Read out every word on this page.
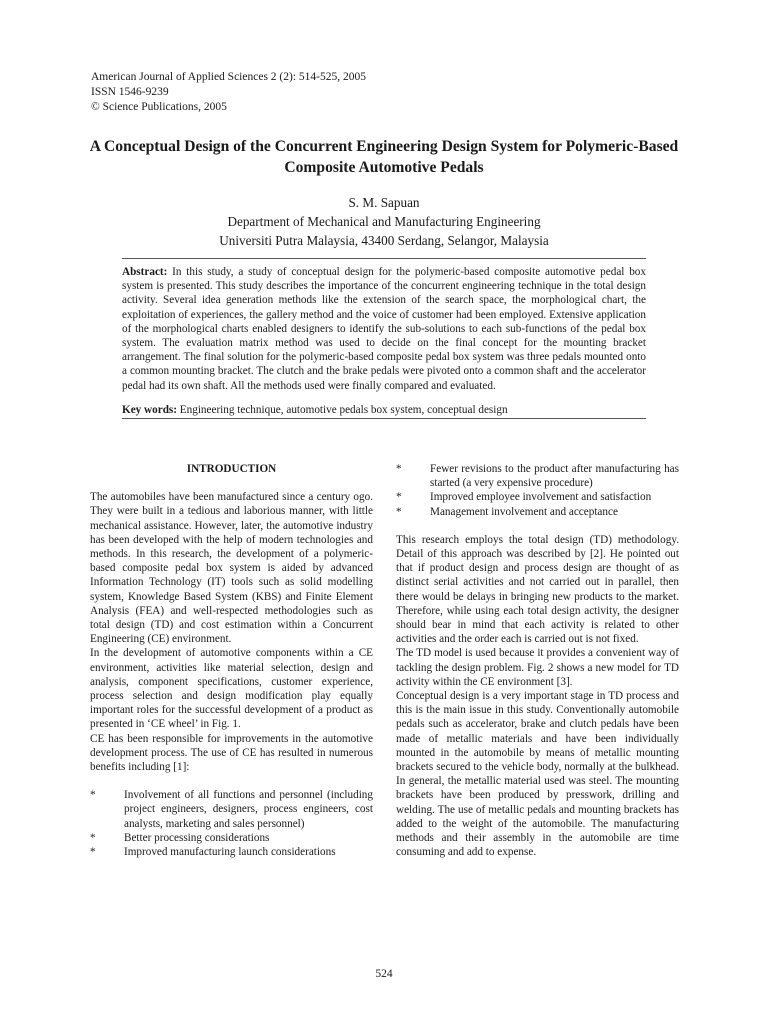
American Journal of Applied Sciences 2 (2): 514-525, 2005
ISSN 1546-9239
© Science Publications, 2005
A Conceptual Design of the Concurrent Engineering Design System for Polymeric-Based Composite Automotive Pedals
S. M. Sapuan
Department of Mechanical and Manufacturing Engineering
Universiti Putra Malaysia, 43400 Serdang, Selangor, Malaysia

Abstract: In this study, a study of conceptual design for the polymeric-based composite automotive pedal box system is presented. This study describes the importance of the concurrent engineering technique in the total design activity. Several idea generation methods like the extension of the search space, the morphological chart, the exploitation of experiences, the gallery method and the voice of customer had been employed. Extensive application of the morphological charts enabled designers to identify the sub-solutions to each sub-functions of the pedal box system. The evaluation matrix method was used to decide on the final concept for the mounting bracket arrangement. The final solution for the polymeric-based composite pedal box system was three pedals mounted onto a common mounting bracket. The clutch and the brake pedals were pivoted onto a common shaft and the accelerator pedal had its own shaft. All the methods used were finally compared and evaluated.

Key words: Engineering technique, automotive pedals box system, conceptual design

INTRODUCTION

The automobiles have been manufactured since a century ogo. They were built in a tedious and laborious manner, with little mechanical assistance. However, later, the automotive industry has been developed with the help of modern technologies and methods. In this research, the development of a polymeric-based composite pedal box system is aided by advanced Information Technology (IT) tools such as solid modelling system, Knowledge Based System (KBS) and Finite Element Analysis (FEA) and well-respected methodologies such as total design (TD) and cost estimation within a Concurrent Engineering (CE) environment.

In the development of automotive components within a CE environment, activities like material selection, design and analysis, component specifications, customer experience, process selection and design modification play equally important roles for the successful development of a product as presented in ‘CE wheel’ in Fig. 1.

CE has been responsible for improvements in the automotive development process. The use of CE has resulted in numerous benefits including [1]:

*	Involvement of all functions and personnel (including project engineers, designers, process engineers, cost analysts, marketing and sales personnel)
*	Better processing considerations
*	Improved manufacturing launch considerations
*	Fewer revisions to the product after manufacturing has started (a very expensive procedure)
*	Improved employee involvement and satisfaction
*	Management involvement and acceptance

This research employs the total design (TD) methodology. Detail of this approach was described by [2]. He pointed out that if product design and process design are thought of as distinct serial activities and not carried out in parallel, then there would be delays in bringing new products to the market. Therefore, while using each total design activity, the designer should bear in mind that each activity is related to other activities and the order each is carried out is not fixed.

The TD model is used because it provides a convenient way of tackling the design problem. Fig. 2 shows a new model for TD activity within the CE environment [3].

Conceptual design is a very important stage in TD process and this is the main issue in this study. Conventionally automobile pedals such as accelerator, brake and clutch pedals have been made of metallic materials and have been individually mounted in the automobile by means of metallic mounting brackets secured to the vehicle body, normally at the bulkhead. In general, the metallic material used was steel. The mounting brackets have been produced by presswork, drilling and welding. The use of metallic pedals and mounting brackets has added to the weight of the automobile. The manufacturing methods and their assembly in the automobile are time consuming and add to expense.

524
